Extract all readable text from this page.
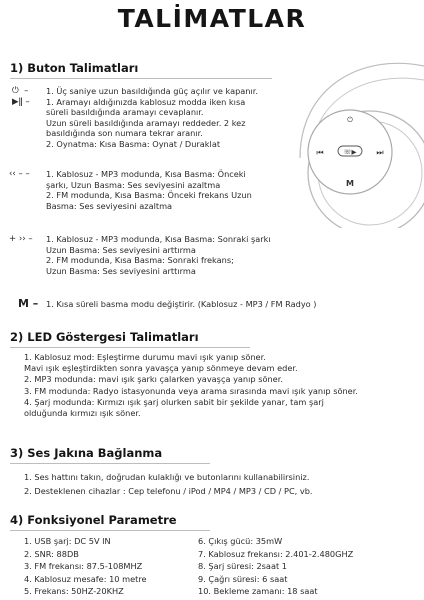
TALİMATLAR
⏻
⏮	⏭
☏▶
M
1) Buton Talimatları
⏻  –
▶ǁ –
1. Üç saniye uzun basıldığında güç açılır ve kapanır.
1. Aramayı aldığınızda kablosuz modda iken kısa
süreli basıldığında aramayı cevaplanır.
Uzun süreli basıldığında aramayı reddeder. 2 kez
basıldığında son numara tekrar aranır.
2. Oynatma: Kısa Basma: Oynat / Duraklat
‹‹ – – 1. Kablosuz - MP3 modunda, Kısa Basma: Önceki
şarkı, Uzun Basma: Ses seviyesini azaltma
2. FM modunda, Kısa Basma: Önceki frekans Uzun
Basma: Ses seviyesini azaltma
+ ›› – 1. Kablosuz - MP3 modunda, Kısa Basma: Sonraki şarkı
Uzun Basma: Ses seviyesini arttırma
2. FM modunda, Kısa Basma: Sonraki frekans;
Uzun Basma: Ses seviyesini arttırma
M – 1. Kısa süreli basma modu değiştirir. (Kablosuz - MP3 / FM Radyo )
2) LED Göstergesi Talimatları
1. Kablosuz mod: Eşleştirme durumu mavi ışık yanıp söner.
Mavi ışık eşleştirdikten sonra yavaşça yanıp sönmeye devam eder.
2. MP3 modunda: mavi ışık şarkı çalarken yavaşça yanıp söner.
3. FM modunda: Radyo istasyonunda veya arama sırasında mavi ışık yanıp söner.
4. Şarj modunda: Kırmızı ışık şarj olurken sabit bir şekilde yanar, tam şarj
olduğunda kırmızı ışık söner.
3) Ses Jakına Bağlanma
1. Ses hattını takın, doğrudan kulaklığı ve butonlarını kullanabilirsiniz.
2. Desteklenen cihazlar : Cep telefonu / iPod / MP4 / MP3 / CD / PC, vb.
4) Fonksiyonel Parametre
1. USB şarj: DC 5V IN
2. SNR: 88DB
3. FM frekansı: 87.5-108MHZ
4. Kablosuz mesafe: 10 metre
5. Frekans: 50HZ-20KHZ
6. Çıkış gücü: 35mW
7. Kablosuz frekansı: 2.401-2.480GHZ
8. Şarj süresi: 2saat 1
9. Çağrı süresi: 6 saat
10. Bekleme zamanı: 18 saat
